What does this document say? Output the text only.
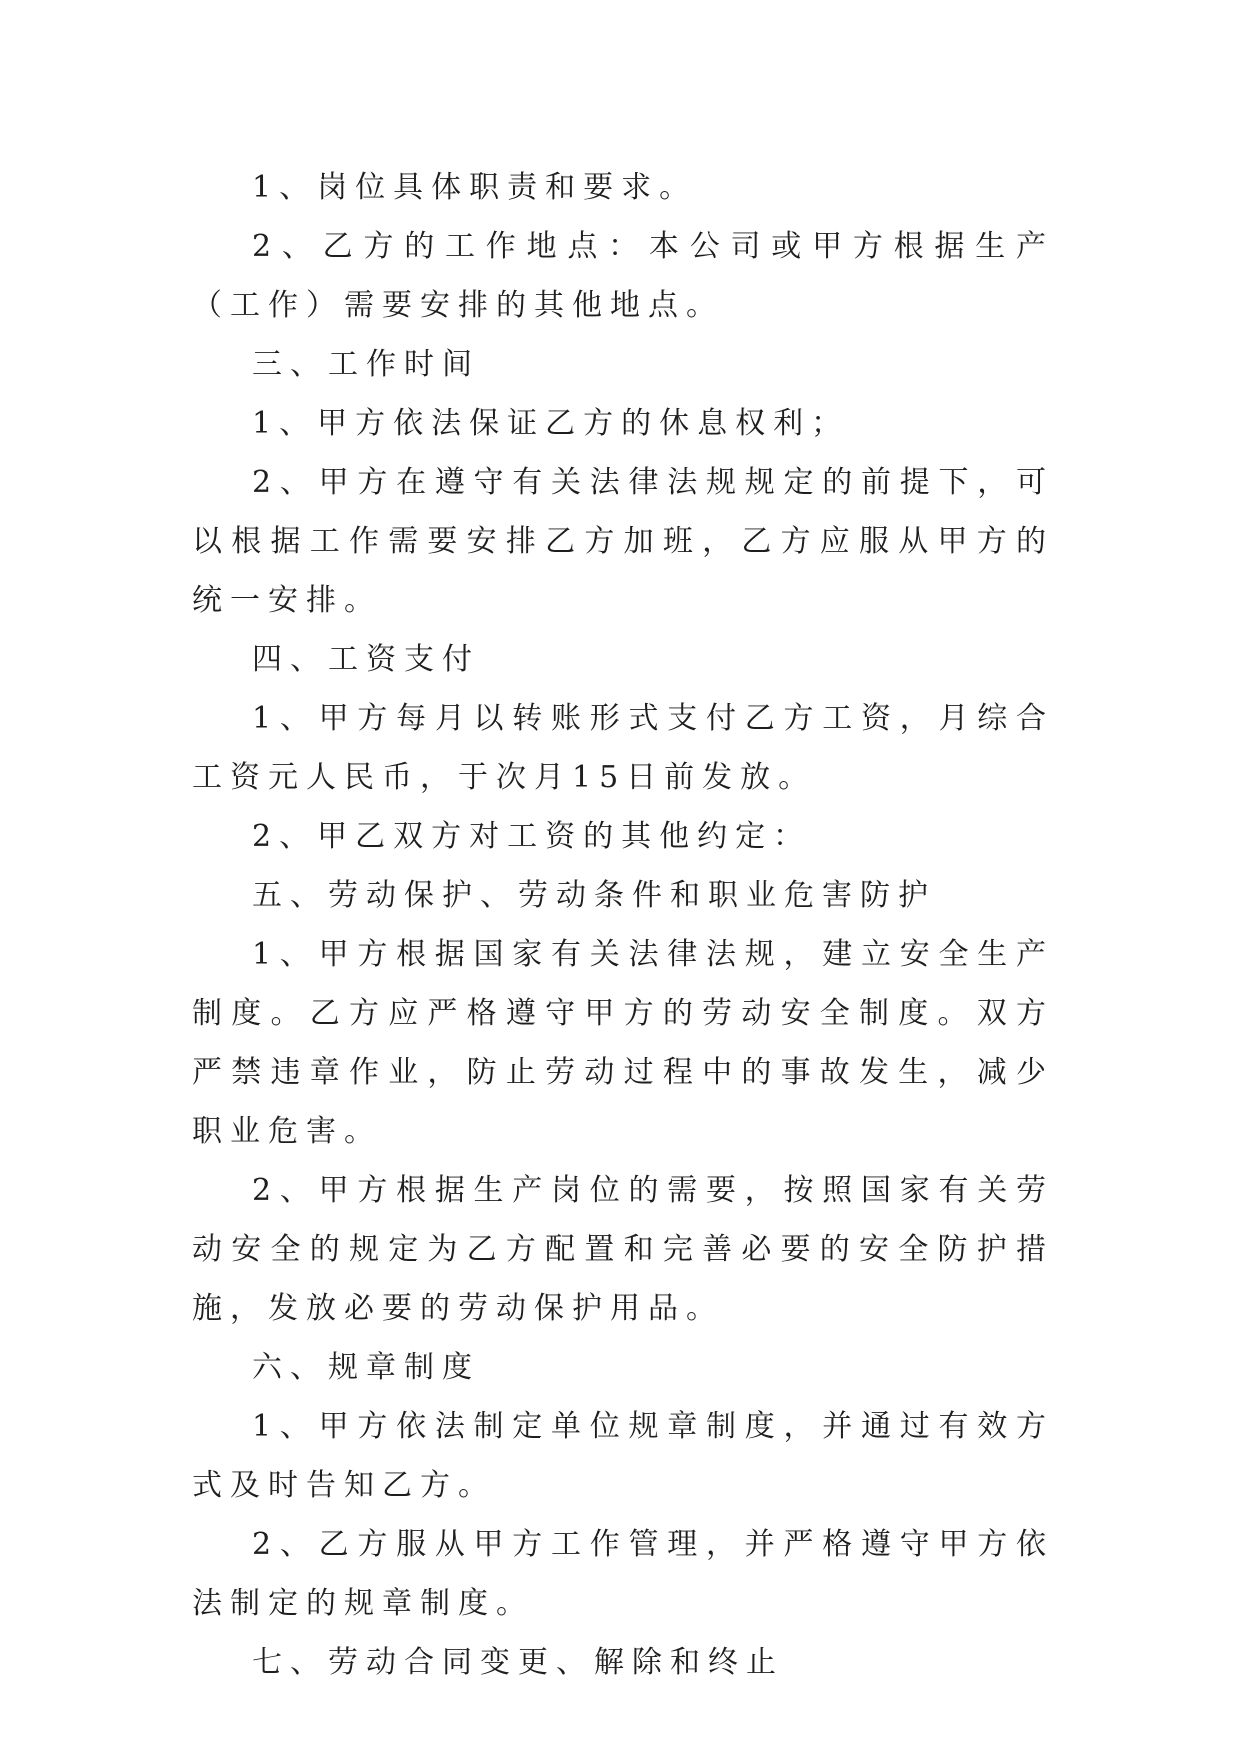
1、岗位具体职责和要求。

2、乙方的工作地点：本公司或甲方根据生产（工作）需要安排的其他地点。

三、工作时间

1、甲方依法保证乙方的休息权利；

2、甲方在遵守有关法律法规规定的前提下，可以根据工作需要安排乙方加班，乙方应服从甲方的统一安排。

四、工资支付

1、甲方每月以转账形式支付乙方工资，月综合工资元人民币，于次月15日前发放。

2、甲乙双方对工资的其他约定：

五、劳动保护、劳动条件和职业危害防护

1、甲方根据国家有关法律法规，建立安全生产制度。乙方应严格遵守甲方的劳动安全制度。双方严禁违章作业，防止劳动过程中的事故发生，减少职业危害。

2、甲方根据生产岗位的需要，按照国家有关劳动安全的规定为乙方配置和完善必要的安全防护措施，发放必要的劳动保护用品。

六、规章制度

1、甲方依法制定单位规章制度，并通过有效方式及时告知乙方。

2、乙方服从甲方工作管理，并严格遵守甲方依法制定的规章制度。

七、劳动合同变更、解除和终止
